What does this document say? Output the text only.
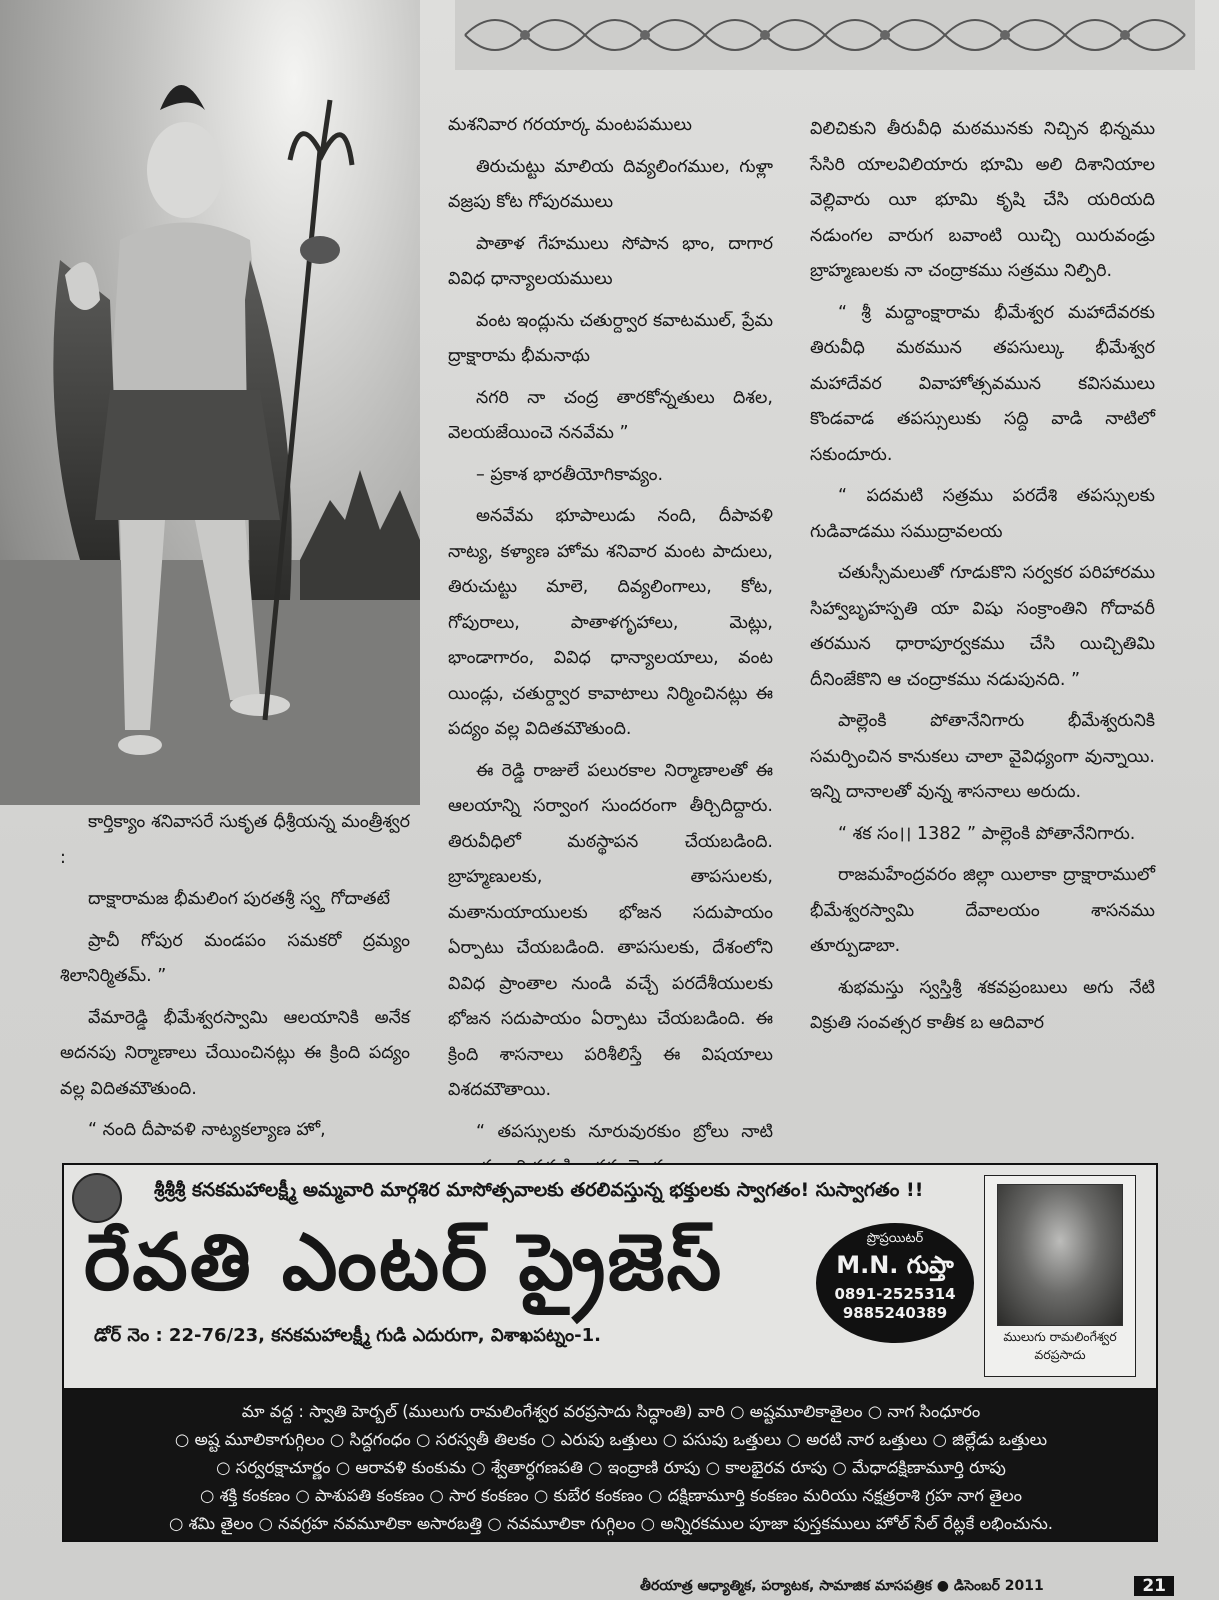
కార్తిక్యాం శనివాసరే సుకృత ధీశ్రీయన్న మంత్రీశ్వర :

దాక్షారామజ భీమలింగ పురతశ్రీ స్వ్త గోదాతటే

ప్రాచీ గోపుర మండపం సమకరో ద్రమ్యం శిలానిర్మితమ్. ”

వేమారెడ్డి భీమేశ్వరస్వామి ఆలయానికి అనేక అదనపు నిర్మాణాలు చేయించినట్లు ఈ క్రింది పద్యం వల్ల విదితమౌతుంది.

“ నంది దీపావళి నాట్యకల్యాణ హో,

మశనివార గరయార్క మంటపములు

తిరుచుట్టు మాలియ దివ్యలింగముల, గుళ్లా వజ్రపు కోట గోపురములు

పాతాళ గేహములు సోపాన భాం, దాగార వివిధ ధాన్యాలయములు

వంట ఇంద్లును చతుర్ద్వార కవాటముల్, ప్రేమ ద్రాక్షారామ భీమనాథు

నగరి నా చంద్ర తారకోన్నతులు దిశల, వెలయజేయించె ననవేమ ”

– ప్రకాశ భారతీయోగికావ్యం.

అనవేమ భూపాలుడు నంది, దీపావళి నాట్య, కళ్యాణ హోమ శనివార మంట పాదులు, తిరుచుట్టు మాలె, దివ్యలింగాలు, కోట, గోపురాలు, పాతాళగృహాలు, మెట్లు, భాండాగారం, వివిధ ధాన్యాలయాలు, వంట యిండ్లు, చతుర్ద్వార కావాటాలు నిర్మించినట్లు ఈ పద్యం వల్ల విదితమౌతుంది.

ఈ రెడ్డి రాజులే పలురకాల నిర్మాణాలతో ఈ ఆలయాన్ని సర్వాంగ సుందరంగా తీర్చిదిద్దారు. తిరువీధిలో మఠస్థాపన చేయబడింది. బ్రాహ్మణులకు, తాపసులకు, మతానుయాయులకు భోజన సదుపాయం ఏర్పాటు చేయబడింది. తాపసులకు, దేశంలోని వివిధ ప్రాంతాల నుండి వచ్చే పరదేశీయులకు భోజన సదుపాయం ఏర్పాటు చేయబడింది. ఈ క్రింది శాసనాలు పరిశీలిస్తే ఈ విషయాలు విశదమౌతాయి.

“ తపస్సులకు నూరువురకుం బ్రోలు నాటి

విలిచికుని తీరువీధి మఠమునకు నిచ్చిన భిన్నము సేసిరి యాలవిలియారు భూమి అలి దిశానియాల వెల్లివారు యీ భూమి కృషి చేసి యరియది నడుంగల వారుగ బవాంటి యిచ్చి యిరువండ్రు బ్రాహ్మణులకు నా చంద్రాకము సత్రము నిల్పిరి.

“ శ్రీ మద్దాంక్షారామ భీమేశ్వర మహాదేవరకు తిరువీధి మఠమున తపసుల్కు భీమేశ్వర మహాదేవర వివాహోత్సవమున కవిసములు కొండవాడ తపస్సులుకు సద్ది వాడి నాటిలో సకుందూరు.

“ పదమటి సత్రము పరదేశి తపస్సులకు గుడివాడము సముద్రావలయ

చతుస్సీమలుతో గూడుకొని సర్వకర పరిహారము సిహ్వాబృహస్పతి యా విషు సంక్రాంతిని గోదావరీ తరమున ధారాపూర్వకము చేసి యిచ్చితిమి దీనింజేకొని ఆ చంద్రాకము నడుపునది. ”

పాల్లెంకి పోతానేనిగారు భీమేశ్వరునికి సమర్పించిన కానుకలు చాలా వైవిధ్యంగా వున్నాయి. ఇన్ని దానాలతో వున్న శాసనాలు అరుదు.

“ శక సం।। 1382 ” పాల్లెంకి పోతానేనిగారు.

రాజమహేంద్రవరం జిల్లా యిలాకా ద్రాక్షారాములో భీమేశ్వరస్వామి దేవాలయం శాసనము తూర్పుడాబా.

శుభమస్తు స్వస్తిశ్రీ శకవప్రంబులు అగు నేటి విక్రుతి సంవత్సర కాతీక బ ఆదివార

శ్రీశ్రీశ్రీ కనకమహాలక్ష్మీ అమ్మవారి మార్గశిర మాసోత్సవాలకు తరలివస్తున్న భక్తులకు స్వాగతం! సుస్వాగతం !!
రేవతి ఎంటర్ ప్రైజెస్
డోర్ నెం : 22-76/23, కనకమహాలక్ష్మీ గుడి ఎదురుగా, విశాఖపట్నం-1.
ప్రొప్రయిటర్
M.N. గుప్తా
0891-2525314
9885240389
ములుగు రామలింగేశ్వర
వరప్రసాదు
మా వద్ద : స్వాతి హెర్బల్ (ములుగు రామలింగేశ్వర వరప్రసాదు సిద్ధాంతి) వారి ○ అష్టమూలికాతైలం ○ నాగ సింధూరం
○ అష్ట మూలికాగుగ్గిలం ○ సిద్దగంధం ○ సరస్వతీ తిలకం ○ ఎరుపు ఒత్తులు ○ పసుపు ఒత్తులు ○ అరటి నార ఒత్తులు ○ జిల్లేడు ఒత్తులు
○ సర్వరక్షాచూర్ణం ○ ఆరావళి కుంకుమ ○ శ్వేతార్ధగణపతి ○ ఇంద్రాణి రూపు ○ కాలభైరవ రూపు ○ మేధాదక్షిణామూర్తి రూపు
○ శక్తి కంకణం ○ పాశుపతి కంకణం ○ సార కంకణం ○ కుబేర కంకణం ○ దక్షిణామూర్తి కంకణం మరియు నక్షత్రరాశి గ్రహ నాగ తైలం
○ శమి తైలం ○ నవగ్రహ నవమూలికా అసారబత్తి ○ నవమూలికా గుగ్గిలం ○ అన్నిరకముల పూజా పుస్తకములు హోల్ సేల్ రేట్లకే లభించును.
తీరయాత్ర ఆధ్యాత్మిక, పర్యాటక, సామాజిక మాసపత్రిక ● డిసెంబర్ 2011	21
